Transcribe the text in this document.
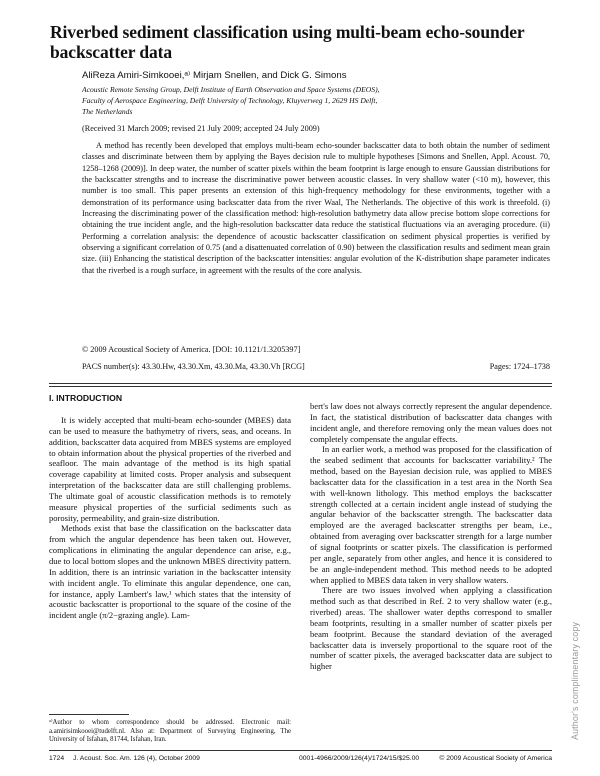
Riverbed sediment classification using multi-beam echo-sounder backscatter data
AliReza Amiri-Simkooei,ᵃ⁾ Mirjam Snellen, and Dick G. Simons
Acoustic Remote Sensing Group, Delft Institute of Earth Observation and Space Systems (DEOS),
Faculty of Aerospace Engineering, Delft University of Technology, Kluyverweg 1, 2629 HS Delft,
The Netherlands
(Received 31 March 2009; revised 21 July 2009; accepted 24 July 2009)

A method has recently been developed that employs multi-beam echo-sounder backscatter data to both obtain the number of sediment classes and discriminate between them by applying the Bayes decision rule to multiple hypotheses [Simons and Snellen, Appl. Acoust. 70, 1258–1268 (2009)]. In deep water, the number of scatter pixels within the beam footprint is large enough to ensure Gaussian distributions for the backscatter strengths and to increase the discriminative power between acoustic classes. In very shallow water (<10 m), however, this number is too small. This paper presents an extension of this high-frequency methodology for these environments, together with a demonstration of its performance using backscatter data from the river Waal, The Netherlands. The objective of this work is threefold. (i) Increasing the discriminating power of the classification method: high-resolution bathymetry data allow precise bottom slope corrections for obtaining the true incident angle, and the high-resolution backscatter data reduce the statistical fluctuations via an averaging procedure. (ii) Performing a correlation analysis: the dependence of acoustic backscatter classification on sediment physical properties is verified by observing a significant correlation of 0.75 (and a disattenuated correlation of 0.90) between the classification results and sediment mean grain size. (iii) Enhancing the statistical description of the backscatter intensities: angular evolution of the K-distribution shape parameter indicates that the riverbed is a rough surface, in agreement with the results of the core analysis.

© 2009 Acoustical Society of America. [DOI: 10.1121/1.3205397]
PACS number(s): 43.30.Hw, 43.30.Xm, 43.30.Ma, 43.30.Vh [RCG]	Pages: 1724–1738
I. INTRODUCTION

It is widely accepted that multi-beam echo-sounder (MBES) data can be used to measure the bathymetry of rivers, seas, and oceans. In addition, backscatter data acquired from MBES systems are employed to obtain information about the physical properties of the riverbed and seafloor. The main advantage of the method is its high spatial coverage capability at limited costs. Proper analysis and subsequent interpretation of the backscatter data are still challenging problems. The ultimate goal of acoustic classification methods is to remotely measure physical properties of the surficial sediments such as porosity, permeability, and grain-size distribution.

Methods exist that base the classification on the backscatter data from which the angular dependence has been taken out. However, complications in eliminating the angular dependence can arise, e.g., due to local bottom slopes and the unknown MBES directivity pattern. In addition, there is an intrinsic variation in the backscatter intensity with incident angle. To eliminate this angular dependence, one can, for instance, apply Lambert's law,¹ which states that the intensity of acoustic backscatter is proportional to the square of the cosine of the incident angle (π/2−grazing angle). Lam-

bert's law does not always correctly represent the angular dependence. In fact, the statistical distribution of backscatter data changes with incident angle, and therefore removing only the mean values does not completely compensate the angular effects.

In an earlier work, a method was proposed for the classification of the seabed sediment that accounts for backscatter variability.² The method, based on the Bayesian decision rule, was applied to MBES backscatter data for the classification in a test area in the North Sea with well-known lithology. This method employs the backscatter strength collected at a certain incident angle instead of studying the angular behavior of the backscatter strength. The backscatter data employed are the averaged backscatter strengths per beam, i.e., obtained from averaging over backscatter strength for a large number of signal footprints or scatter pixels. The classification is performed per angle, separately from other angles, and hence it is considered to be an angle-independent method. This method needs to be adopted when applied to MBES data taken in very shallow waters.

There are two issues involved when applying a classification method such as that described in Ref. 2 to very shallow water (e.g., riverbed) areas. The shallower water depths correspond to smaller beam footprints, resulting in a smaller number of scatter pixels per beam footprint. Because the standard deviation of the averaged backscatter data is inversely proportional to the square root of the number of scatter pixels, the averaged backscatter data are subject to higher

ᵃ⁾Author to whom correspondence should be addressed. Electronic mail: a.amirisimkooei@tudelft.nl. Also at: Department of Surveying Engineering, The University of Isfahan, 81744, Isfahan, Iran.
1724 J. Acoust. Soc. Am. 126 (4), October 2009	0001-4966/2009/126(4)/1724/15/$25.00	© 2009 Acoustical Society of America
Author's complimentary copy
